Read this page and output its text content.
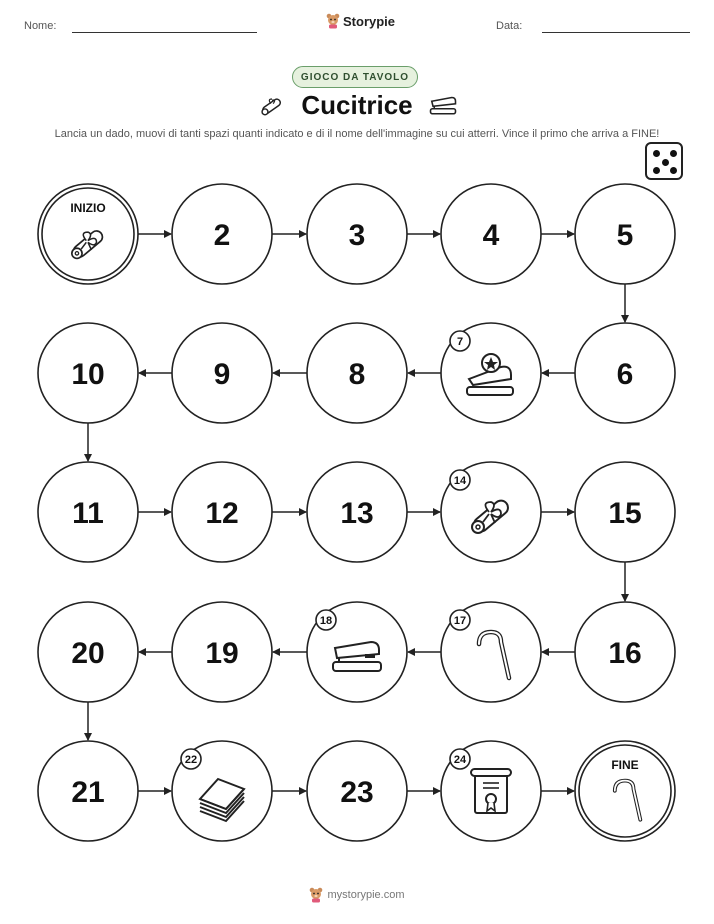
Nome:	Storypie	Data:
GIOCO DA TAVOLO
Cucitrice
Lancia un dado, muovi di tanti spazi quanti indicato e di il nome dell'immagine su cui atterri. Vince il primo che arriva a FINE!
INIZIO
2	3	4	5
6
7
8
9
10
11	12	13
14
15
16
17
18
19
20
21
22
23
24	FINE
mystorypie.com
